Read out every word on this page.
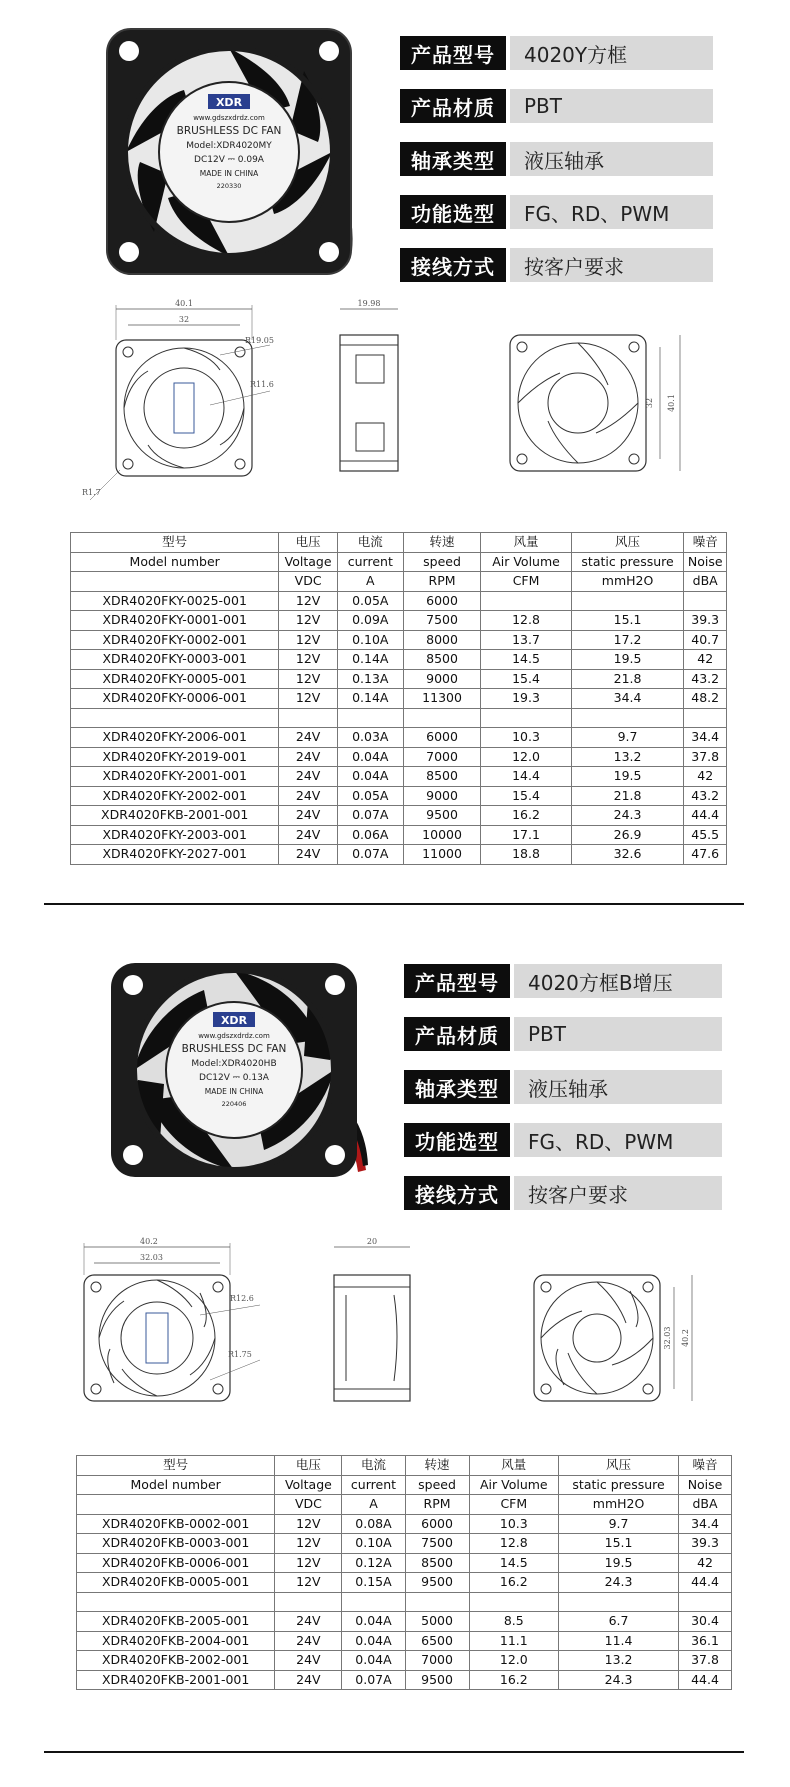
XDR
www.gdszxdrdz.com
BRUSHLESS DC FAN
Model:XDR4020MY
DC12V ⎓ 0.09A
MADE IN CHINA
220330
产品型号	4020Y方框
产品材质	PBT
轴承类型	液压轴承
功能选型	FG、RD、PWM
接线方式	按客户要求
40.1
32
R19.05
R11.6
R1.7
19.98
32 40.1
型号	电压	电流	转速	风量	风压	噪音
Model number	Voltage	current	speed	Air Volume	static pressure	Noise
	VDC	A	RPM	CFM	mmH2O	dBA
XDR4020FKY-0025-001	12V	0.05A	6000			
XDR4020FKY-0001-001	12V	0.09A	7500	12.8	15.1	39.3
XDR4020FKY-0002-001	12V	0.10A	8000	13.7	17.2	40.7
XDR4020FKY-0003-001	12V	0.14A	8500	14.5	19.5	42
XDR4020FKY-0005-001	12V	0.13A	9000	15.4	21.8	43.2
XDR4020FKY-0006-001	12V	0.14A	11300	19.3	34.4	48.2

XDR4020FKY-2006-001	24V	0.03A	6000	10.3	9.7	34.4
XDR4020FKY-2019-001	24V	0.04A	7000	12.0	13.2	37.8
XDR4020FKY-2001-001	24V	0.04A	8500	14.4	19.5	42
XDR4020FKY-2002-001	24V	0.05A	9000	15.4	21.8	43.2
XDR4020FKB-2001-001	24V	0.07A	9500	16.2	24.3	44.4
XDR4020FKY-2003-001	24V	0.06A	10000	17.1	26.9	45.5
XDR4020FKY-2027-001	24V	0.07A	11000	18.8	32.6	47.6
XDR
www.gdszxdrdz.com
BRUSHLESS DC FAN
Model:XDR4020HB
DC12V ⎓ 0.13A
MADE IN CHINA
220406
产品型号	4020方框B增压
产品材质	PBT
轴承类型	液压轴承
功能选型	FG、RD、PWM
接线方式	按客户要求
40.2
32.03
R12.6
R1.75
20
32.03 40.2
型号	电压	电流	转速	风量	风压	噪音
Model number	Voltage	current	speed	Air Volume	static pressure	Noise
	VDC	A	RPM	CFM	mmH2O	dBA
XDR4020FKB-0002-001	12V	0.08A	6000	10.3	9.7	34.4
XDR4020FKB-0003-001	12V	0.10A	7500	12.8	15.1	39.3
XDR4020FKB-0006-001	12V	0.12A	8500	14.5	19.5	42
XDR4020FKB-0005-001	12V	0.15A	9500	16.2	24.3	44.4

XDR4020FKB-2005-001	24V	0.04A	5000	8.5	6.7	30.4
XDR4020FKB-2004-001	24V	0.04A	6500	11.1	11.4	36.1
XDR4020FKB-2002-001	24V	0.04A	7000	12.0	13.2	37.8
XDR4020FKB-2001-001	24V	0.07A	9500	16.2	24.3	44.4
